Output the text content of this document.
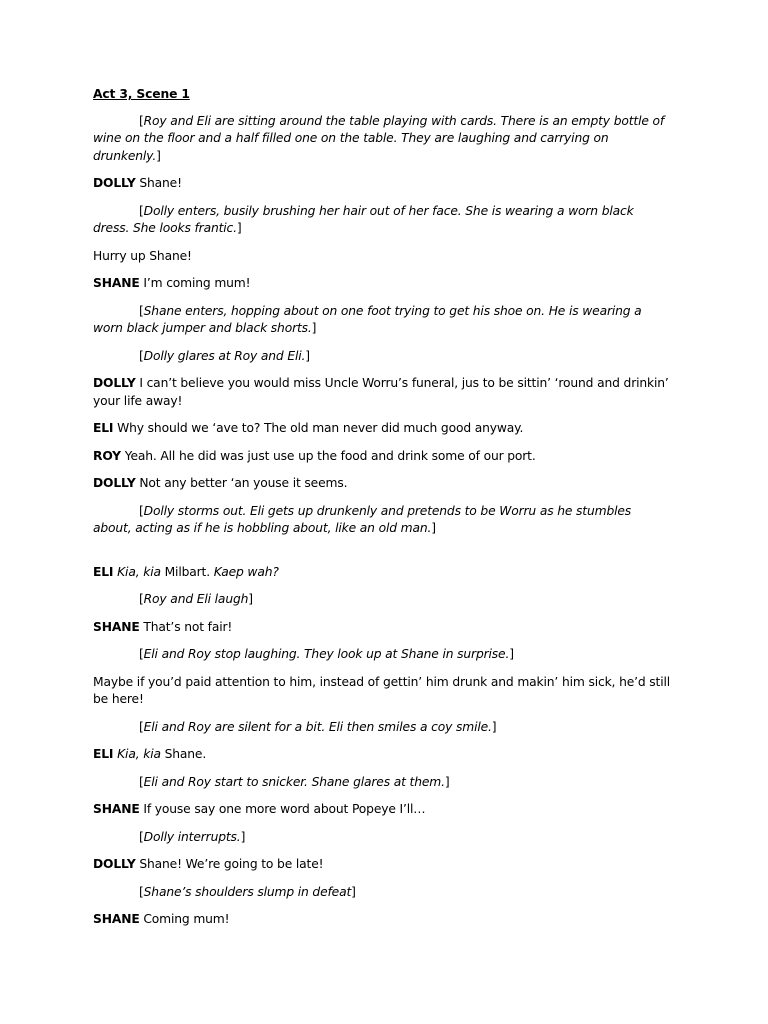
Act 3, Scene 1
[Roy and Eli are sitting around the table playing with cards. There is an empty bottle of wine on the floor and a half filled one on the table. They are laughing and carrying on drunkenly.]
DOLLY Shane!
[Dolly enters, busily brushing her hair out of her face. She is wearing a worn black dress. She looks frantic.]
Hurry up Shane!
SHANE I’m coming mum!
[Shane enters, hopping about on one foot trying to get his shoe on. He is wearing a worn black jumper and black shorts.]
[Dolly glares at Roy and Eli.]
DOLLY I can’t believe you would miss Uncle Worru’s funeral, jus to be sittin’ ‘round and drinkin’ your life away!
ELI Why should we ‘ave to? The old man never did much good anyway.
ROY Yeah. All he did was just use up the food and drink some of our port.
DOLLY Not any better ‘an youse it seems.
[Dolly storms out. Eli gets up drunkenly and pretends to be Worru as he stumbles about, acting as if he is hobbling about, like an old man.]
ELI Kia, kia Milbart. Kaep wah?
[Roy and Eli laugh]
SHANE That’s not fair!
[Eli and Roy stop laughing. They look up at Shane in surprise.]
Maybe if you’d paid attention to him, instead of gettin’ him drunk and makin’ him sick, he’d still be here!
[Eli and Roy are silent for a bit. Eli then smiles a coy smile.]
ELI Kia, kia Shane.
[Eli and Roy start to snicker. Shane glares at them.]
SHANE If youse say one more word about Popeye I’ll…
[Dolly interrupts.]
DOLLY Shane! We’re going to be late!
[Shane’s shoulders slump in defeat]
SHANE Coming mum!
